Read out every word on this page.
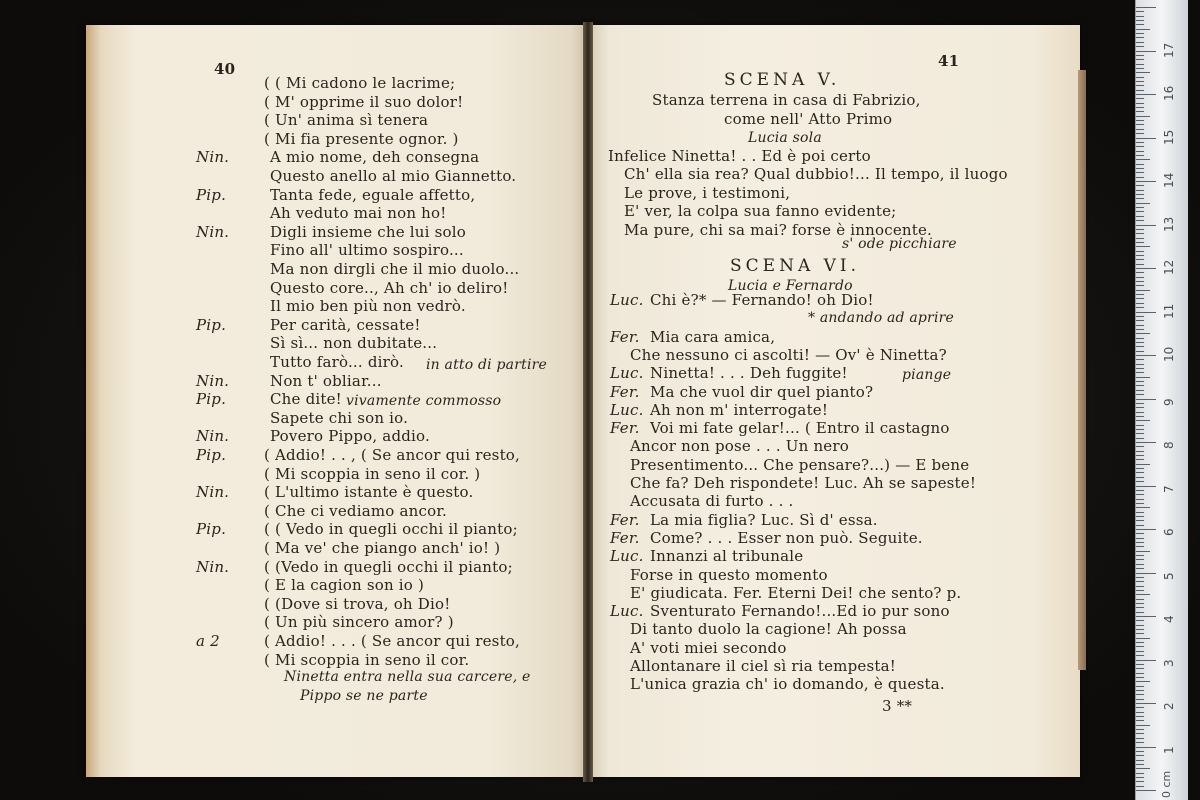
40
( ( Mi cadono le lacrime;
( M' opprime il suo dolor!
( Un' anima sì tenera
( Mi fia presente ognor. )
Nin.	A mio nome, deh consegna
Questo anello al mio Giannetto.
Pip.	Tanta fede, eguale affetto,
Ah veduto mai non ho!
Nin.	Digli insieme che lui solo
Fino all' ultimo sospiro...
Ma non dirgli che il mio duolo...
Questo core.., Ah ch' io deliro!
Il mio ben più non vedrò.
Pip.	Per carità, cessate!
Sì sì... non dubitate...
Tutto farò... dirò.
Nin.	Non t' obliar...
Pip.	Che dite!
Sapete chi son io.
Nin.	Povero Pippo, addio.
Pip.	( Addio! . . , ( Se ancor qui resto,
( Mi scoppia in seno il cor. )
Nin. ( L'ultimo istante è questo.
( Che ci vediamo ancor.
Pip.	( ( Vedo in quegli occhi il pianto;
( Ma ve' che piango anch' io! )
Nin. ( (Vedo in quegli occhi il pianto;
( E la cagion son io )
( (Dove si trova, oh Dio!
( Un più sincero amor? )
a 2	( Addio! . . . ( Se ancor qui resto,
( Mi scoppia in seno il cor.
in atto di partire
vivamente commosso
Ninetta entra nella sua carcere, e
Pippo se ne parte
41
SCENA V.
Stanza terrena in casa di Fabrizio,
come nell' Atto Primo
Lucia sola
Infelice Ninetta! . . Ed è poi certo
Ch' ella sia rea? Qual dubbio!... Il tempo, il luogo
Le prove, i testimoni,
E' ver, la colpa sua fanno evidente;
Ma pure, chi sa mai? forse è innocente.
s' ode picchiare
SCENA VI.
Lucia e Fernardo
Luc. Chi è?* — Fernando! oh Dio!
* andando ad aprire
Fer. Mia cara amica,
Che nessuno ci ascolti! — Ov' è Ninetta?
Luc. Ninetta! . . . Deh fuggite!
Fer. Ma che vuol dir quel pianto?
Luc. Ah non m' interrogate!
Fer. Voi mi fate gelar!... ( Entro il castagno
Ancor non pose . . . Un nero
Presentimento... Che pensare?...) — E bene
Che fa? Deh rispondete! Luc. Ah se sapeste!
Accusata di furto . . .
Fer. La mia figlia? Luc. Sì d' essa.
Fer. Come? . . . Esser non può. Seguite.
Luc. Innanzi al tribunale
Forse in questo momento
E' giudicata. Fer. Eterni Dei! che sento? p.
Luc. Sventurato Fernando!...Ed io pur sono
Di tanto duolo la cagione! Ah possa
A' voti miei secondo
Allontanare il ciel sì ria tempesta!
L'unica grazia ch' io domando, è questa.
piange
3 **
0 cm
1
2
3
4
5
6
7
8
9
10
11
12
13
14
15
16
17
